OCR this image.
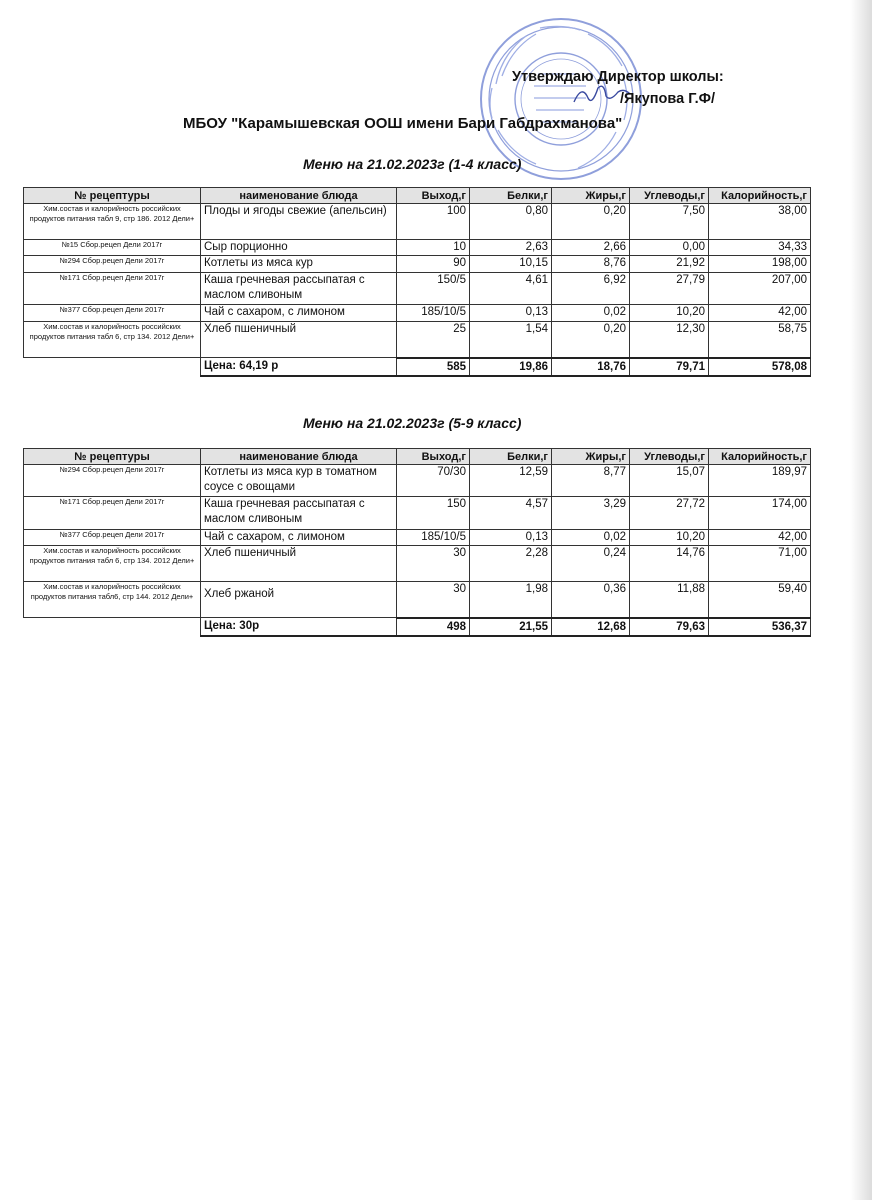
Утверждаю Директор школы:
/Якупова Г.Ф/
МБОУ "Карамышевская ООШ имени Бари Габдрахманова"
Меню на 21.02.2023г (1-4 класс)
№ рецептуры	наименование блюда	Выход,г	Белки,г	Жиры,г	Углеводы,г	Калорийность,г
Хим.состав и калорийность российских продуктов питания табл 9, стр 186. 2012 Дели+	Плоды и ягоды свежие (апельсин)	100	0,80	0,20	7,50	38,00
№15 Сбор.рецеп Дели 2017г	Сыр порционно	10	2,63	2,66	0,00	34,33
№294 Сбор.рецеп Дели 2017г	Котлеты из мяса кур	90	10,15	8,76	21,92	198,00
№171 Сбор.рецеп Дели 2017г	Каша гречневая рассыпатая с маслом сливоным	150/5	4,61	6,92	27,79	207,00
№377 Сбор.рецеп Дели 2017г	Чай с сахаром, с лимоном	185/10/5	0,13	0,02	10,20	42,00
Хим.состав и калорийность российских продуктов питания табл 6, стр 134. 2012 Дели+	Хлеб пшеничный	25	1,54	0,20	12,30	58,75
	Цена: 64,19 р	585	19,86	18,76	79,71	578,08
Меню на 21.02.2023г (5-9 класс)
№ рецептуры	наименование блюда	Выход,г	Белки,г	Жиры,г	Углеводы,г	Калорийность,г
№294 Сбор.рецеп Дели 2017г	Котлеты из мяса кур в томатном соусе с овощами	70/30	12,59	8,77	15,07	189,97
№171 Сбор.рецеп Дели 2017г	Каша гречневая рассыпатая с маслом сливоным	150	4,57	3,29	27,72	174,00
№377 Сбор.рецеп Дели 2017г	Чай с сахаром, с лимоном	185/10/5	0,13	0,02	10,20	42,00
Хим.состав и калорийность российских продуктов питания табл 6, стр 134. 2012 Дели+	Хлеб пшеничный	30	2,28	0,24	14,76	71,00
Хим.состав и калорийность российских продуктов питания табл6, стр 144. 2012 Дели+	Хлеб ржаной	30	1,98	0,36	11,88	59,40
	Цена: 30р	498	21,55	12,68	79,63	536,37
